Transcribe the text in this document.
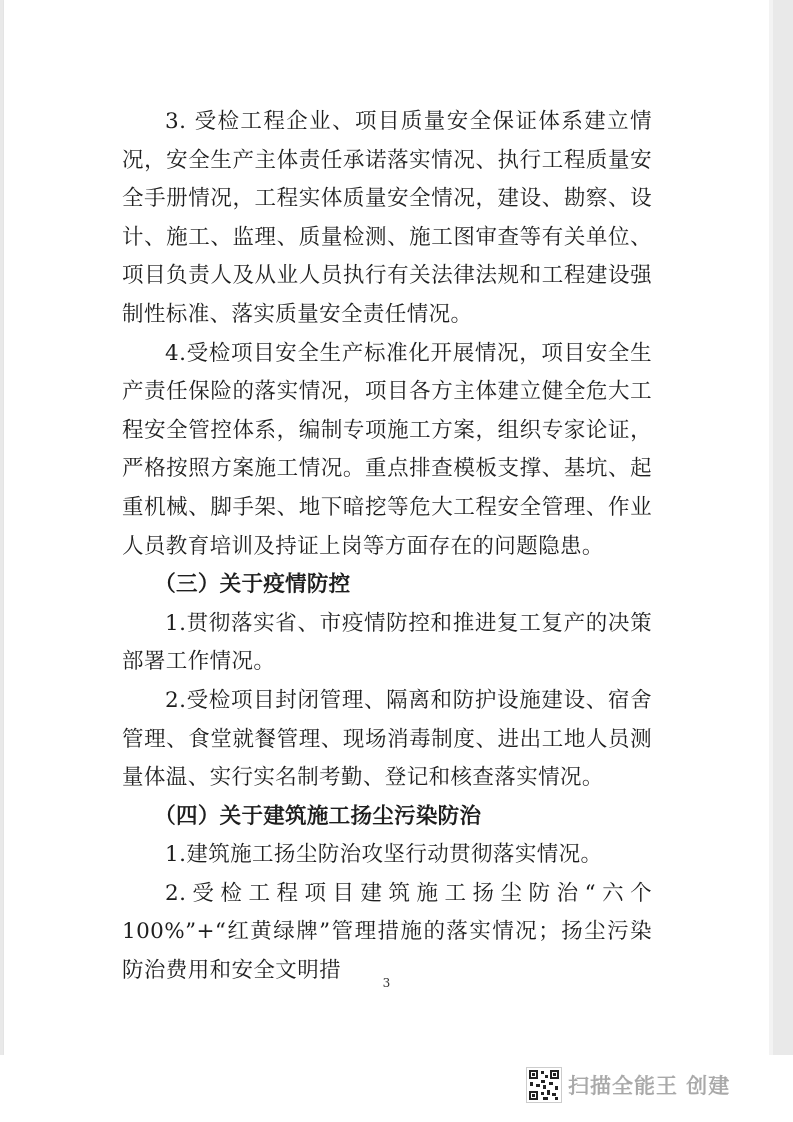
3. 受检工程企业、项目质量安全保证体系建立情况，安全生产主体责任承诺落实情况、执行工程质量安全手册情况，工程实体质量安全情况，建设、勘察、设计、施工、监理、质量检测、施工图审查等有关单位、项目负责人及从业人员执行有关法律法规和工程建设强制性标准、落实质量安全责任情况。

4.受检项目安全生产标准化开展情况，项目安全生产责任保险的落实情况，项目各方主体建立健全危大工程安全管控体系，编制专项施工方案，组织专家论证，严格按照方案施工情况。重点排查模板支撑、基坑、起重机械、脚手架、地下暗挖等危大工程安全管理、作业人员教育培训及持证上岗等方面存在的问题隐患。

（三）关于疫情防控

1.贯彻落实省、市疫情防控和推进复工复产的决策部署工作情况。

2.受检项目封闭管理、隔离和防护设施建设、宿舍管理、食堂就餐管理、现场消毒制度、进出工地人员测量体温、实行实名制考勤、登记和核查落实情况。

（四）关于建筑施工扬尘污染防治

1.建筑施工扬尘防治攻坚行动贯彻落实情况。

2.受检工程项目建筑施工扬尘防治“六个100%”+“红黄绿牌”管理措施的落实情况；扬尘污染防治费用和安全文明措	3
扫描全能王 创建
